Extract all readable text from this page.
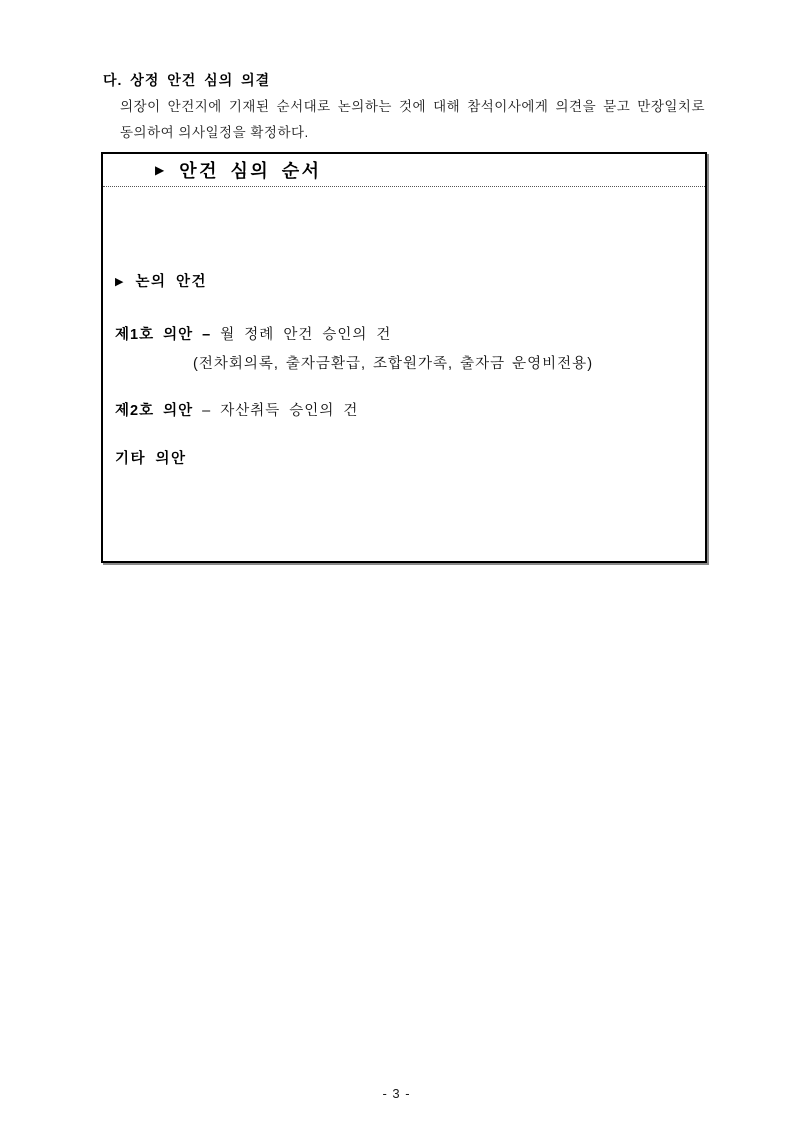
다. 상정 안건 심의 의결
의장이 안건지에 기재된 순서대로 논의하는 것에 대해 참석이사에게 의견을 묻고 만장일치로
동의하여 의사일정을 확정하다.
▶ 안건 심의 순서
▶ 논의 안건
제1호 의안 – 월 정례 안건 승인의 건
(전차회의록, 출자금환급, 조합원가족, 출자금 운영비전용)
제2호 의안 – 자산취득 승인의 건
기타 의안
- 3 -
